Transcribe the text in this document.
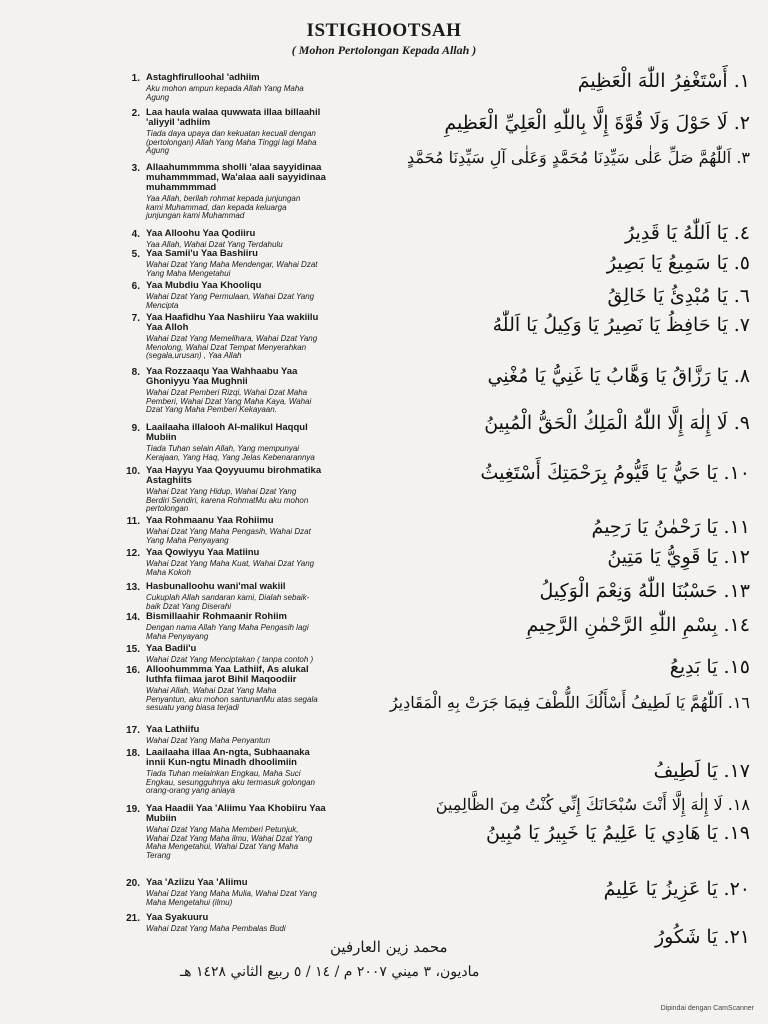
ISTIGHOOTSAH
( Mohon Pertolongan Kepada Allah )
1. Astaghfirulloohal 'adhiim
Aku mohon ampun kepada Allah Yang Maha
Agung
١. أَسْتَغْفِرُ اللّٰهَ الْعَظِيمَ
2. Laa haula walaa quwwata illaa billaahil
'aliyyil 'adhiim
Tiada daya upaya dan kekuatan kecuali dengan
(pertolongan) Allah Yang Maha Tinggi lagi Maha
Agung
٢. لَا حَوْلَ وَلَا قُوَّةَ إِلَّا بِاللّٰهِ الْعَلِيِّ الْعَظِيمِ
3. Allaahummmma sholli 'alaa sayyidinaa
muhammmmad, Wa'alaa aali sayyidinaa
muhammmmad
Yaa Allah, berilah rohmat kepada junjungan
kami Muhammad, dan kepada keluarga
junjungan kami Muhammad
٣. اَللّٰهُمَّ صَلِّ عَلٰى سَيِّدِنَا مُحَمَّدٍ وَعَلٰى آلِ سَيِّدِنَا مُحَمَّدٍ
4. Yaa Alloohu Yaa Qodiiru
Yaa Allah, Wahai Dzat Yang Terdahulu
٤. يَا اَللّٰهُ يَا قَدِيرُ
5. Yaa Samii'u Yaa Bashiiru
Wahai Dzat Yang Maha Mendengar, Wahai Dzat
Yang Maha Mengetahui	٥. يَا سَمِيعُ يَا بَصِيرُ
6. Yaa Mubdiu Yaa Khooliqu
Wahai Dzat Yang Permulaan, Wahai Dzat Yang
Mencipta	٦. يَا مُبْدِئُ يَا خَالِقُ
7. Yaa Haafidhu Yaa Nashiiru Yaa wakiilu
Yaa Alloh
Wahai Dzat Yang Memelihara, Wahai Dzat Yang
Menolong, Wahai Dzat Tempat Menyerahkan
(segala,urusan) , Yaa Allah
٧. يَا حَافِظُ يَا نَصِيرُ يَا وَكِيلُ يَا اَللّٰهُ
8. Yaa Rozzaaqu Yaa Wahhaabu Yaa
Ghoniyyu Yaa Mughnii
Wahai Dzat Pemberi Rizqi, Wahai Dzat Maha
Pemberi, Wahai Dzat Yang Maha Kaya, Wahai
Dzat Yang Maha Pemberi Kekayaan.
٨. يَا رَزَّاقُ يَا وَهَّابُ يَا غَنِيُّ يَا مُغْنِي
9. Laailaaha illalooh Al-malikul Haqqul
Mubiin
Tiada Tuhan selain Allah, Yang mempunyai
Kerajaan, Yang Haq, Yang Jelas Kebenarannya
٩. لَا إِلٰهَ إِلَّا اللّٰهُ الْمَلِكُ الْحَقُّ الْمُبِينُ
10. Yaa Hayyu Yaa Qoyyuumu birohmatika
Astaghiits
Wahai Dzat Yang Hidup, Wahai Dzat Yang
Berdiri Sendiri, karena RohmatMu aku mohon
pertolongan
١٠. يَا حَيُّ يَا قَيُّومُ بِرَحْمَتِكَ أَسْتَغِيثُ
11. Yaa Rohmaanu Yaa Rohiimu
Wahai Dzat Yang Maha Pengasih, Wahai Dzat
Yang Maha Penyayang
١١. يَا رَحْمٰنُ يَا رَحِيمُ
12. Yaa Qowiyyu Yaa Matiinu
Wahai Dzat Yang Maha Kuat, Wahai Dzat Yang
Maha Kokoh
١٢. يَا قَوِيُّ يَا مَتِينُ
13. Hasbunalloohu wani'mal wakiil
Cukuplah Allah sandaran kami, Dialah sebaik-
baik Dzat Yang Diserahi
١٣. حَسْبُنَا اللّٰهُ وَنِعْمَ الْوَكِيلُ
14. Bismillaahir Rohmaanir Rohiim
Dengan nama Allah Yang Maha Pengasih lagi
Maha Penyayang
١٤. بِسْمِ اللّٰهِ الرَّحْمٰنِ الرَّحِيمِ
15. Yaa Badii'u
Wahai Dzat Yang Menciptakan ( tanpa contoh )	١٥. يَا بَدِيعُ
16. Alloohummma Yaa Lathiif, As alukal
luthfa fiimaa jarot Bihil Maqoodiir
Wahai Allah, Wahai Dzat Yang Maha
Penyantun, aku mohon santunanMu atas segala
sesuatu yang biasa terjadi	١٦. اَللّٰهُمَّ يَا لَطِيفُ أَسْأَلُكَ اللُّطْفَ فِيمَا جَرَتْ بِهِ الْمَقَادِيرُ
17. Yaa Lathiifu
Wahai Dzat Yang Maha Penyantun
١٧. يَا لَطِيفُ
18. Laailaaha illaa An-ngta, Subhaanaka
innii Kun-ngtu Minadh dhoolimiin
Tiada Tuhan melainkan Engkau, Maha Suci
Engkau, sesungguhnya aku termasuk golongan
orang-orang yang aniaya
١٨. لَا إِلٰهَ إِلَّا أَنْتَ سُبْحَانَكَ إِنِّي كُنْتُ مِنَ الظَّالِمِينَ
19. Yaa Haadii Yaa 'Aliimu Yaa Khobiiru Yaa
Mubiin
Wahai Dzat Yang Maha Memberi Petunjuk,
Wahai Dzat Yang Maha ilmu, Wahai Dzat Yang
Maha Mengetahui, Wahai Dzat Yang Maha
Terang
١٩. يَا هَادِي يَا عَلِيمُ يَا خَبِيرُ يَا مُبِينُ
20. Yaa 'Aziizu Yaa 'Aliimu
Wahai Dzat Yang Maha Mulia, Wahai Dzat Yang
Maha Mengetahui (ilmu)
٢٠. يَا عَزِيزُ يَا عَلِيمُ
21. Yaa Syakuuru
Wahai Dzat Yang Maha Pembalas Budi	٢١. يَا شَكُورُ
محمد زين العارفين
ماديون، ٣ ميني ٢٠٠٧ م / ١٤ / ٥ ربيع الثاني ١٤٢٨ هـ
Dipindai dengan CamScanner
